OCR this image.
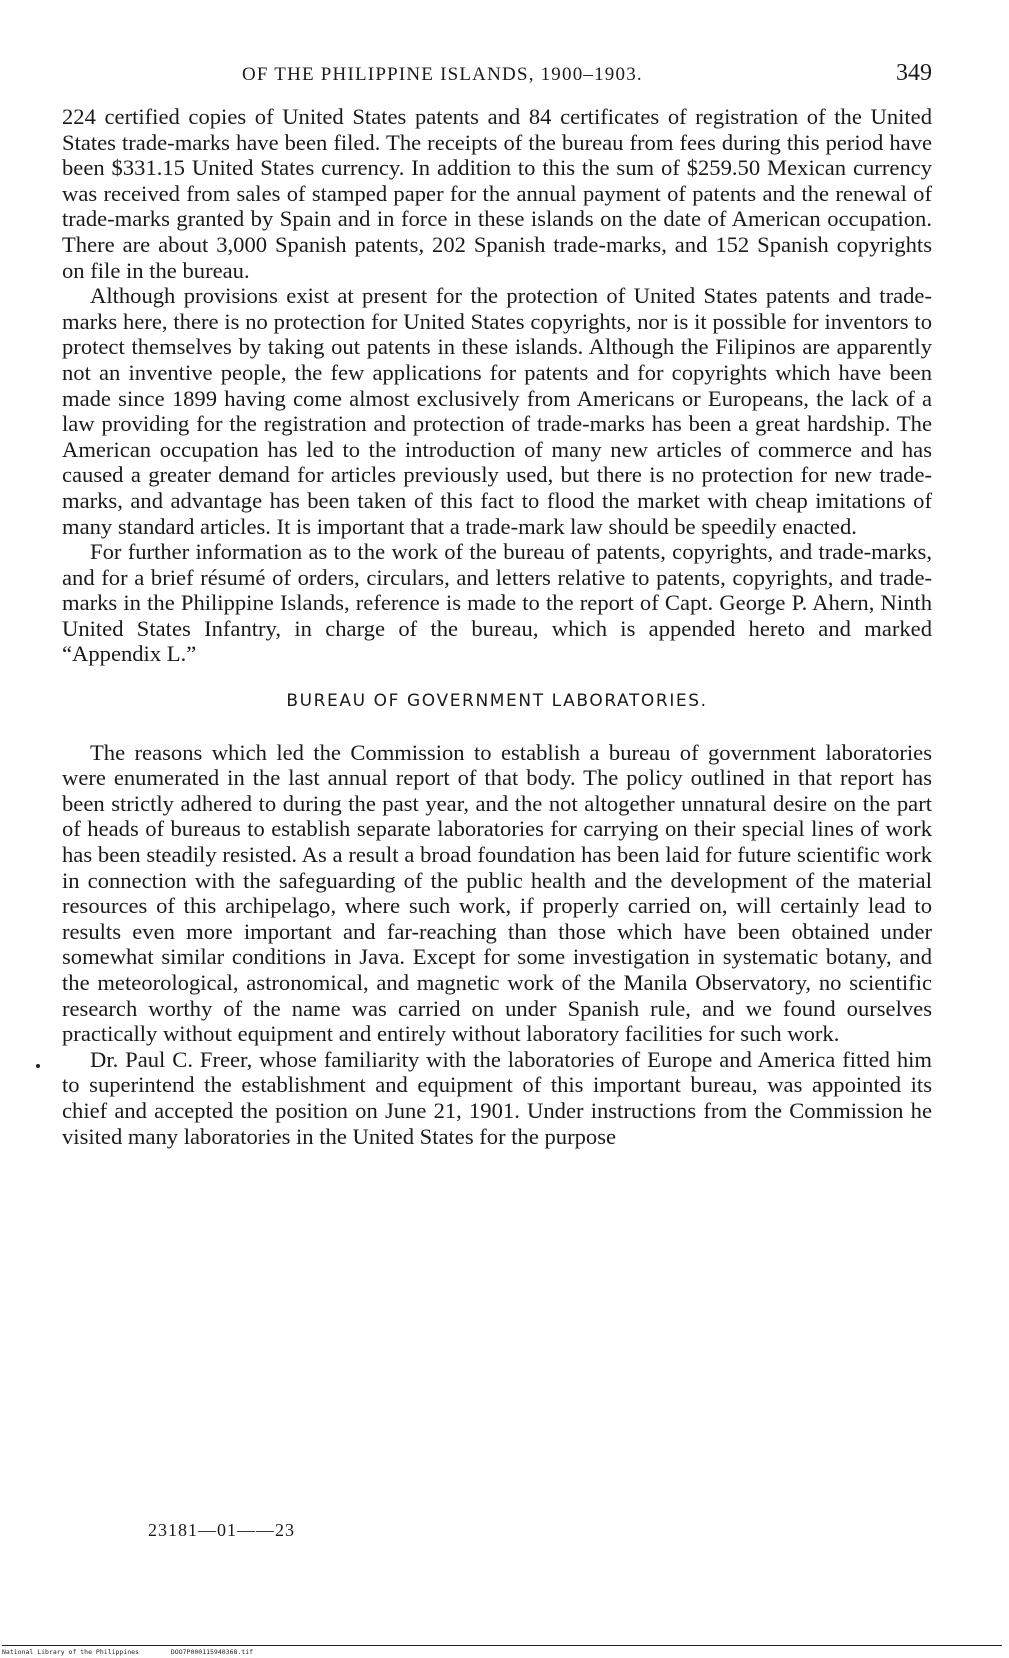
OF THE PHILIPPINE ISLANDS, 1900–1903.	349

224 certified copies of United States patents and 84 certificates of registration of the United States trade-marks have been filed. The receipts of the bureau from fees during this period have been $331.15 United States currency. In addition to this the sum of $259.50 Mexican currency was received from sales of stamped paper for the annual payment of patents and the renewal of trade-marks granted by Spain and in force in these islands on the date of American occupation. There are about 3,000 Spanish patents, 202 Spanish trade-marks, and 152 Spanish copyrights on file in the bureau.

Although provisions exist at present for the protection of United States patents and trade-marks here, there is no protection for United States copyrights, nor is it possible for inventors to protect themselves by taking out patents in these islands. Although the Filipinos are apparently not an inventive people, the few applications for patents and for copyrights which have been made since 1899 having come almost exclusively from Americans or Europeans, the lack of a law providing for the registration and protection of trade-marks has been a great hardship. The American occupation has led to the introduction of many new articles of commerce and has caused a greater demand for articles previously used, but there is no protection for new trade-marks, and advantage has been taken of this fact to flood the market with cheap imitations of many standard articles. It is important that a trade-mark law should be speedily enacted.

For further information as to the work of the bureau of patents, copyrights, and trade-marks, and for a brief résumé of orders, circulars, and letters relative to patents, copyrights, and trade-marks in the Philippine Islands, reference is made to the report of Capt. George P. Ahern, Ninth United States Infantry, in charge of the bureau, which is appended hereto and marked “Appendix L.”

BUREAU OF GOVERNMENT LABORATORIES.

The reasons which led the Commission to establish a bureau of government laboratories were enumerated in the last annual report of that body. The policy outlined in that report has been strictly adhered to during the past year, and the not altogether unnatural desire on the part of heads of bureaus to establish separate laboratories for carrying on their special lines of work has been steadily resisted. As a result a broad foundation has been laid for future scientific work in connection with the safeguarding of the public health and the development of the material resources of this archipelago, where such work, if properly carried on, will certainly lead to results even more important and far-reaching than those which have been obtained under somewhat similar conditions in Java. Except for some investigation in systematic botany, and the meteorological, astronomical, and magnetic work of the Manila Observatory, no scientific research worthy of the name was carried on under Spanish rule, and we found ourselves practically without equipment and entirely without laboratory facilities for such work.

Dr. Paul C. Freer, whose familiarity with the laboratories of Europe and America fitted him to superintend the establishment and equipment of this important bureau, was appointed its chief and accepted the position on June 21, 1901. Under instructions from the Commission he visited many laboratories in the United States for the purpose

23181—01——23
National Library of the Philippines	DOO7P000115940368.tif
